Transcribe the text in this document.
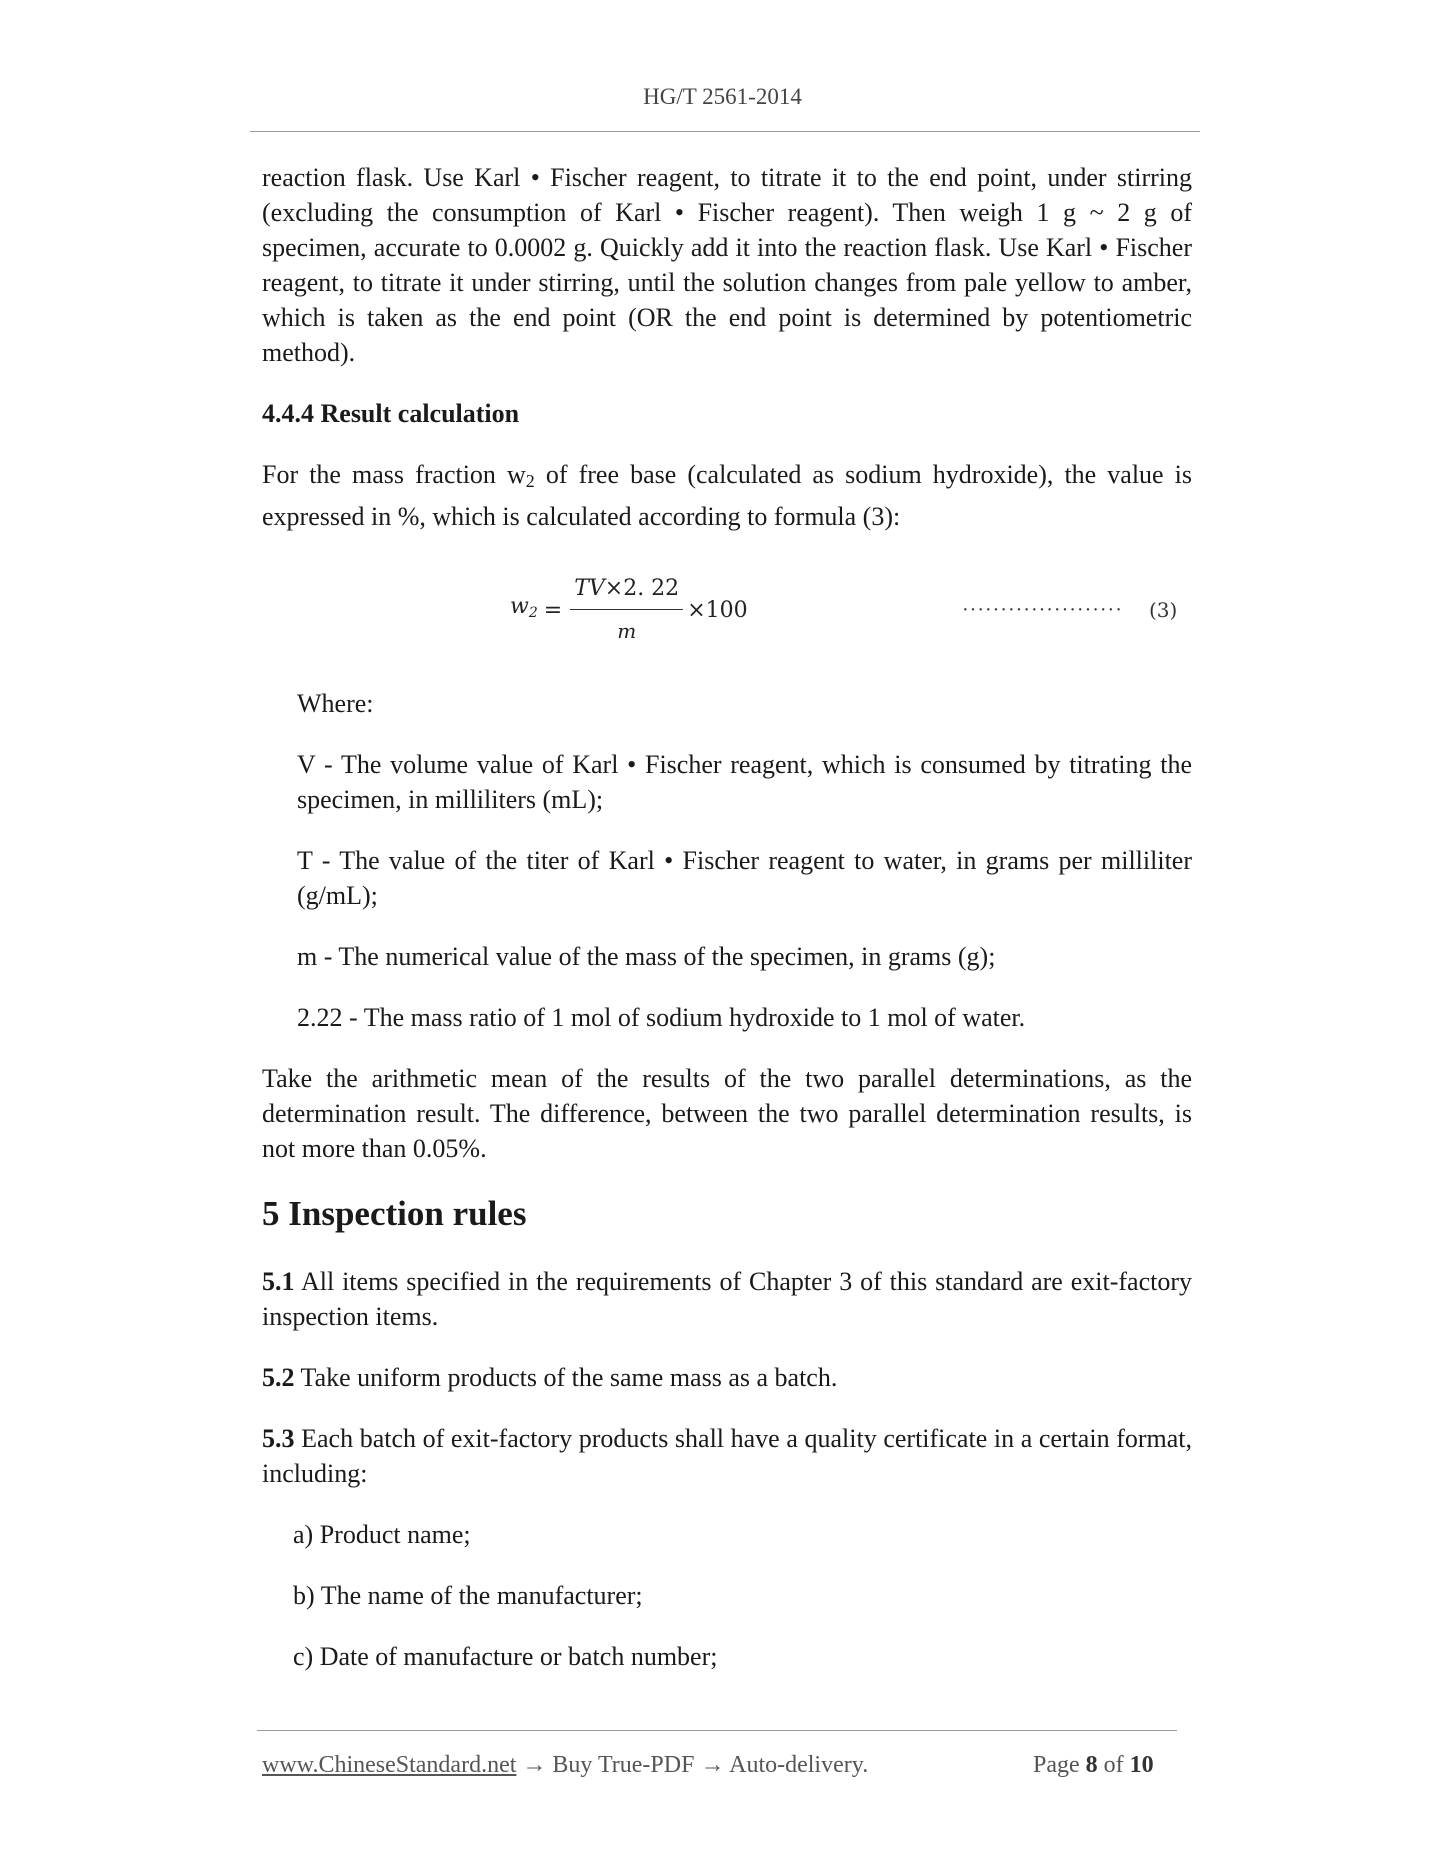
HG/T 2561-2014

reaction flask. Use Karl • Fischer reagent, to titrate it to the end point, under stirring (excluding the consumption of Karl • Fischer reagent). Then weigh 1 g ~ 2 g of specimen, accurate to 0.0002 g. Quickly add it into the reaction flask. Use Karl • Fischer reagent, to titrate it under stirring, until the solution changes from pale yellow to amber, which is taken as the end point (OR the end point is determined by potentiometric method).

4.4.4 Result calculation

For the mass fraction $w_2$ of free base (calculated as sodium hydroxide), the value is expressed in %, which is calculated according to formula (3):

$w2 = \frac{TV\times 2. 22}{m} \times 100$	····················· (3)

Where:

V - The volume value of Karl • Fischer reagent, which is consumed by titrating the specimen, in milliliters (mL);

T - The value of the titer of Karl • Fischer reagent to water, in grams per milliliter (g/mL);

m - The numerical value of the mass of the specimen, in grams (g);

2.22 - The mass ratio of 1 mol of sodium hydroxide to 1 mol of water.

Take the arithmetic mean of the results of the two parallel determinations, as the determination result. The difference, between the two parallel determination results, is not more than 0.05%.

5 Inspection rules

5.1 All items specified in the requirements of Chapter 3 of this standard are exit-factory inspection items.

5.2 Take uniform products of the same mass as a batch.

5.3 Each batch of exit-factory products shall have a quality certificate in a certain format, including:

a) Product name;

b) The name of the manufacturer;

c) Date of manufacture or batch number;

www.ChineseStandard.net → Buy True-PDF → Auto-delivery.	Page 8 of 10
